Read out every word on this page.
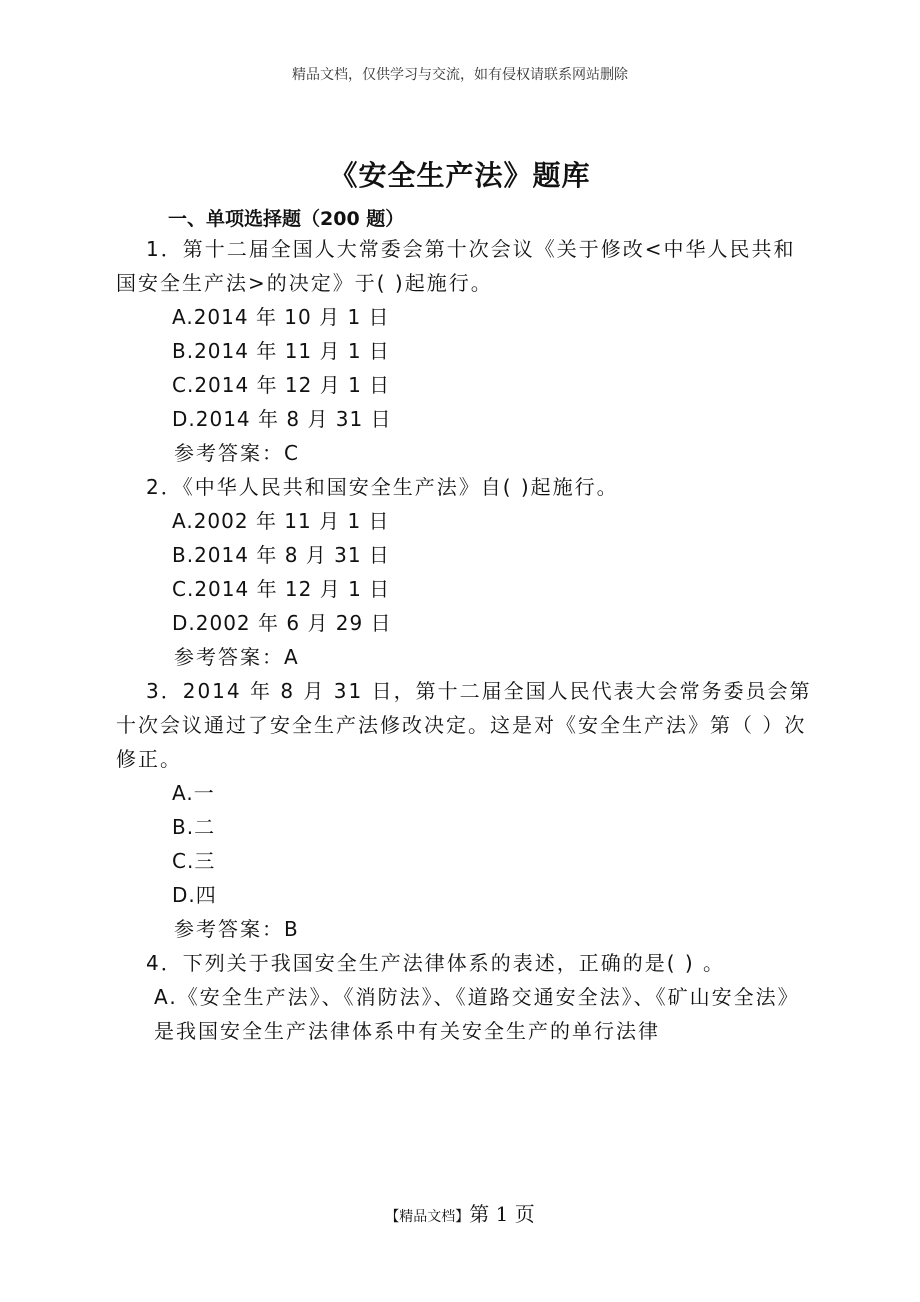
精品文档，仅供学习与交流，如有侵权请联系网站删除
《安全生产法》题库
一、单项选择题（200 题）

1．第十二届全国人大常委会第十次会议《关于修改<中华人民共和国安全生产法>的决定》于( )起施行。

A.2014 年 10 月 1 日

B.2014 年 11 月 1 日

C.2014 年 12 月 1 日

D.2014 年 8 月 31 日

参考答案：C

2．《中华人民共和国安全生产法》自( )起施行。

A.2002 年 11 月 1 日

B.2014 年 8 月 31 日

C.2014 年 12 月 1 日

D.2002 年 6 月 29 日

参考答案：A

3．2014 年 8 月 31 日，第十二届全国人民代表大会常务委员会第十次会议通过了安全生产法修改决定。这是对《安全生产法》第（ ）次修正。

A.一

B.二

C.三

D.四

参考答案：B

4．下列关于我国安全生产法律体系的表述，正确的是( ) 。

A.《安全生产法》、《消防法》、《道路交通安全法》、《矿山安全法》是我国安全生产法律体系中有关安全生产的单行法律

【精品文档】第 1 页
